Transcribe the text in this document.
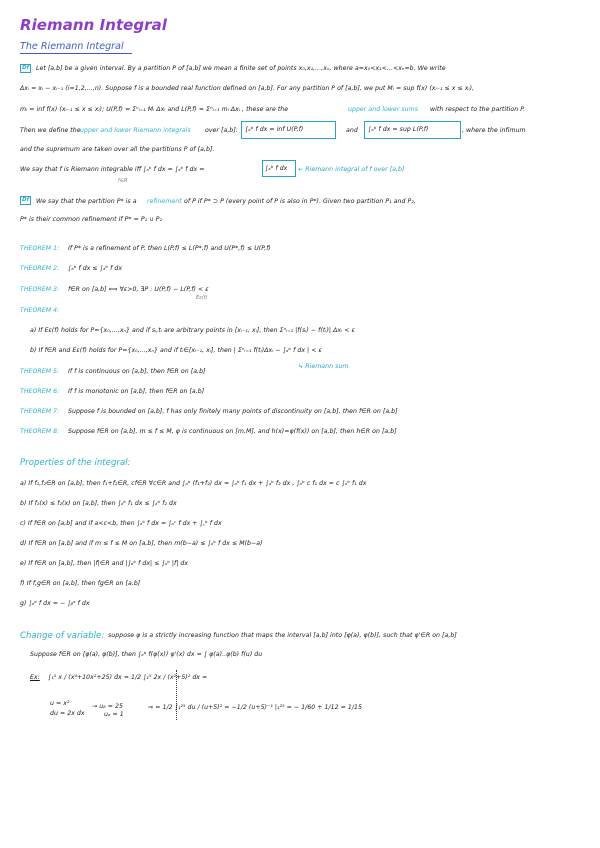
Riemann Integral
The Riemann Integral
Df	Let [a,b] be a given interval. By a partition P of [a,b] we mean a finite set of points x₀,x₁,...,xₙ, where a=x₀<x₁<...<xₙ=b. We write
Δxᵢ = xᵢ − xᵢ₋₁ (i=1,2,...,n). Suppose f is a bounded real function defined on [a,b]. For any partition P of [a,b], we put Mᵢ = sup f(x) (xᵢ₋₁ ≤ x ≤ xᵢ),
mᵢ = inf f(x) (xᵢ₋₁ ≤ x ≤ xᵢ); U(P,f) = Σⁿᵢ₌₁ Mᵢ Δxᵢ and L(P,f) = Σⁿᵢ₌₁ mᵢ Δxᵢ , these are the	upper and lower sums with respect to the partition P.
Then we define the upper and lower Riemann integrals over [a,b]: ∫ₐᵇ f dx = inf U(P,f)	and ∫ₐᵇ f dx = sup L(P,f)	, where the infimum
and the supremum are taken over all the partitions P of [a,b].
We say that f is Riemann integrable iff ∫ₐᵇ f dx = ∫ₐᵇ f dx =	∫ₐᵇ f dx ← Riemann integral of f over [a,b]
f∈R
Df	We say that the partition P* is a refinement of P if P* ⊃ P (every point of P is also in P*). Given two partition P₁ and P₂,
P* is their common refinement if P* = P₁ ∪ P₂
THEOREM 1: If P* is a refinement of P, then L(P,f) ≤ L(P*,f) and U(P*,f) ≤ U(P,f)
THEOREM 2: ∫ₐᵇ f dx ≤ ∫ₐᵇ f dx
THEOREM 3: f∈R on [a,b] ⟺ ∀ε>0, ∃P : U(P,f) − L(P,f) < ε
Eε(f)
THEOREM 4:
a) If Eε(f) holds for P={x₀,...,xₙ} and if sᵢ,tᵢ are arbitrary points in [xᵢ₋₁, xᵢ], then Σⁿᵢ₌₁ |f(sᵢ) − f(tᵢ)| Δxᵢ < ε
b) If f∈R and Eε(f) holds for P={x₀,...,xₙ} and if tᵢ∈[xᵢ₋₁, xᵢ], then | Σⁿᵢ₌₁ f(tᵢ)Δxᵢ − ∫ₐᵇ f dx | < ε
↳ Riemann sum
THEOREM 5: If f is continuous on [a,b], then f∈R on [a,b]
THEOREM 6: If f is monotonic on [a,b], then f∈R on [a,b]
THEOREM 7: Suppose f is bounded on [a,b], f has only finitely many points of discontinuity on [a,b], then f∈R on [a,b]
THEOREM 8: Suppose f∈R on [a,b], m ≤ f ≤ M, φ is continuous on [m,M], and h(x)=φ(f(x)) on [a,b], then h∈R on [a,b]
Properties of the integral:
a) If f₁,f₂∈R on [a,b], then f₁+f₂∈R, cf∈R ∀c∈R and ∫ₐᵇ (f₁+f₂) dx = ∫ₐᵇ f₁ dx + ∫ₐᵇ f₂ dx , ∫ₐᵇ c f₁ dx = c ∫ₐᵇ f₁ dx
b) If f₁(x) ≤ f₂(x) on [a,b], then ∫ₐᵇ f₁ dx ≤ ∫ₐᵇ f₂ dx
c) If f∈R on [a,b] and if a<c<b, then ∫ₐᵇ f dx = ∫ₐᶜ f dx + ∫꜀ᵇ f dx
d) If f∈R on [a,b] and if m ≤ f ≤ M on [a,b], then m(b−a) ≤ ∫ₐᵇ f dx ≤ M(b−a)
e) If f∈R on [a,b], then |f|∈R and |∫ₐᵇ f dx| ≤ ∫ₐᵇ |f| dx
f) If f,g∈R on [a,b], then fg∈R on [a,b]
g) ∫ₐᵇ f dx = − ∫ᵦᵃ f dx
Change of variable: suppose φ is a strictly increasing function that maps the interval [a,b] into [φ(a), φ(b)], such that φ'∈R on [a,b]
Suppose f∈R on [φ(a), φ(b)], then ∫ₐᵇ f(φ(x)) φ'(x) dx = ∫ φ(a)..φ(b) f(u) du
Ex: ∫₁⁵ x / (x⁴+10x²+25) dx = 1/2 ∫₁⁵ 2x / (x²+5)² dx =
u = x²
du = 2x dx
→ uᵦ = 25
uₐ = 1
⇒ = 1/2 ∫₁²⁵ du / (u+5)² = −1/2 (u+5)⁻¹ |₁²⁵ = − 1/60 + 1/12 = 1/15
